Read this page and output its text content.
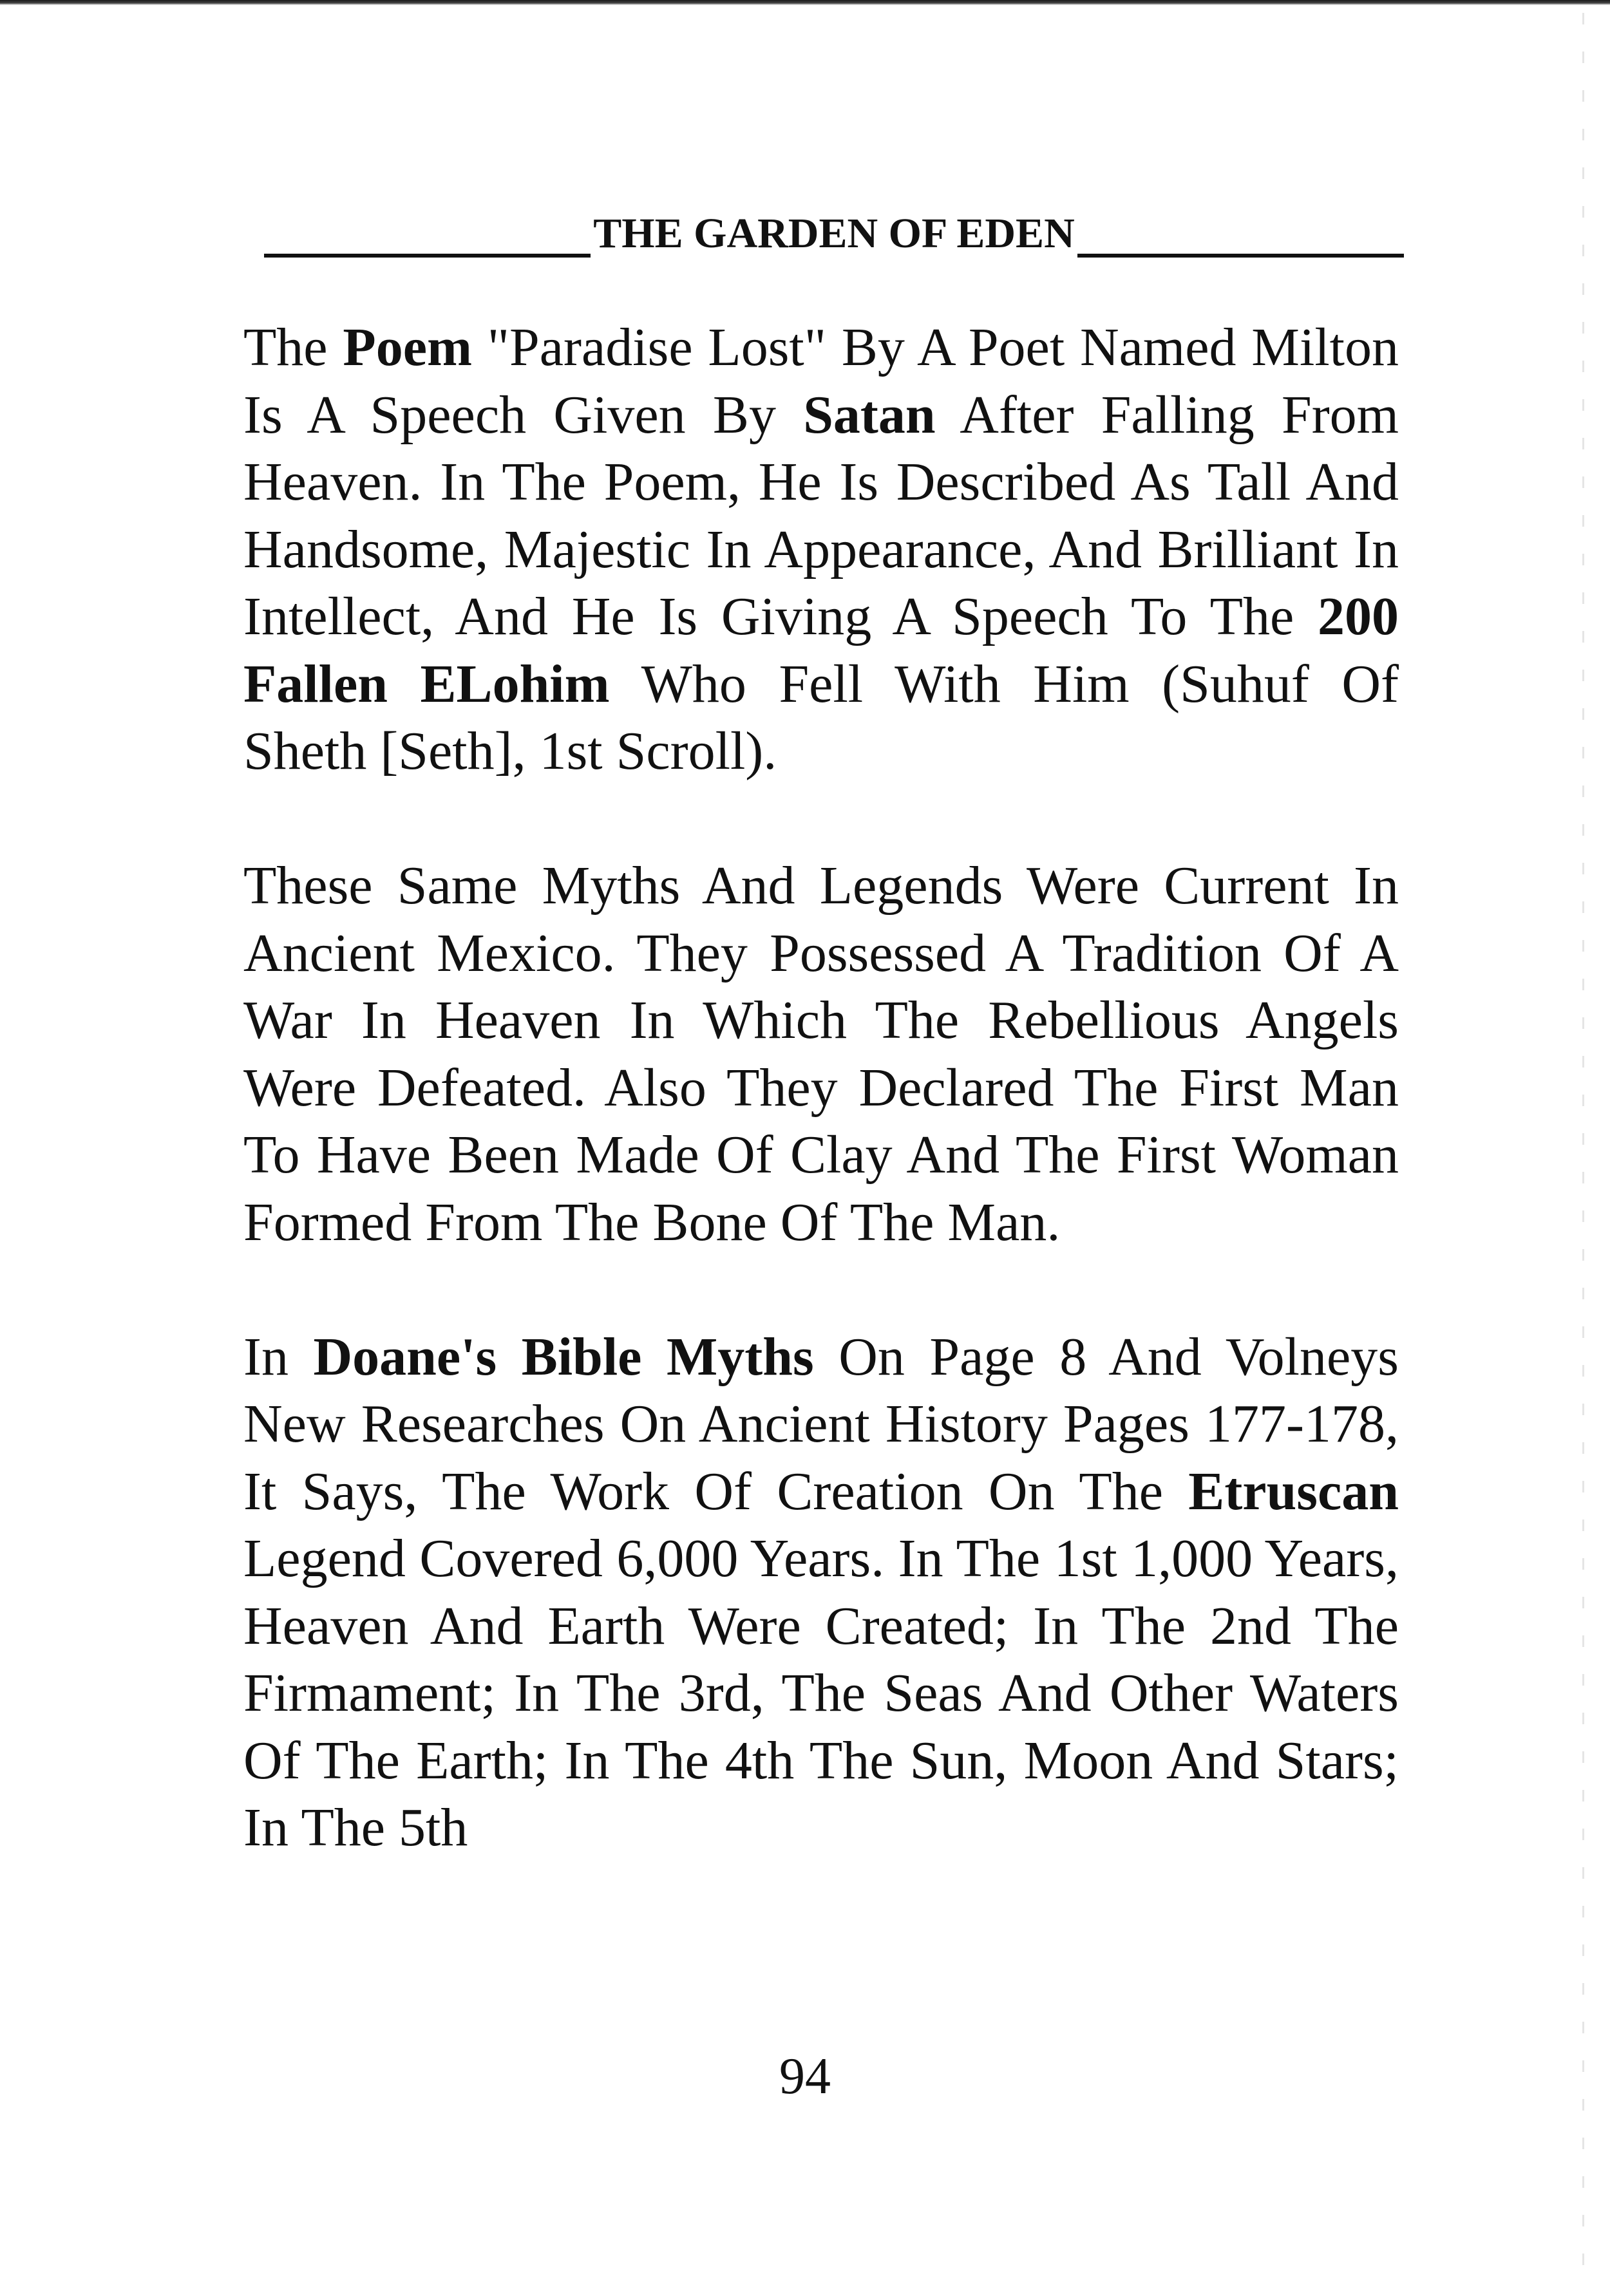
THE GARDEN OF EDEN

The Poem "Paradise Lost" By A Poet Named Milton Is A Speech Given By Satan After Falling From Heaven. In The Poem, He Is Described As Tall And Handsome, Majestic In Appearance, And Brilliant In Intellect, And He Is Giving A Speech To The 200 Fallen ELohim Who Fell With Him (Suhuf Of Sheth [Seth], 1st Scroll).

These Same Myths And Legends Were Current In Ancient Mexico. They Possessed A Tradition Of A War In Heaven In Which The Rebellious Angels Were Defeated. Also They Declared The First Man To Have Been Made Of Clay And The First Woman Formed From The Bone Of The Man.

In Doane's Bible Myths On Page 8 And Volneys New Researches On Ancient History Pages 177-178, It Says, The Work Of Creation On The Etruscan Legend Covered 6,000 Years. In The 1st 1,000 Years, Heaven And Earth Were Created; In The 2nd The Firmament; In The 3rd, The Seas And Other Waters Of The Earth; In The 4th The Sun, Moon And Stars; In The 5th

94
